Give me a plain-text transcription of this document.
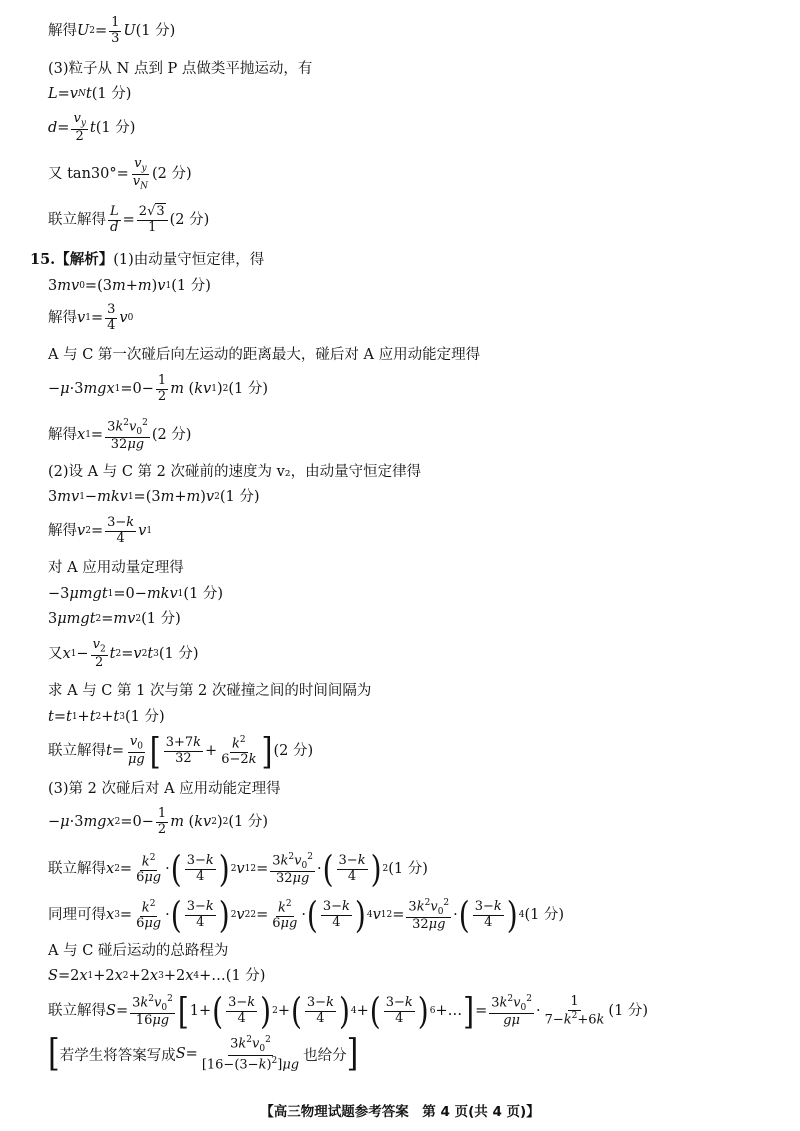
解得 U $2 = \frac{1}{3}$ U (1 分)
(3)粒子从 N 点到 P 点做类平抛运动，有
L = v N t (1 分)
$d = \frac{v_y}{2}$ t (1 分)
又 $\tan 30^\circ= \frac{v_y}{v_N} (2$ 分)
联立解得 $\frac{L}{d} = \frac{2√3}{1} (2$ 分)
15.【解析】 (1)由动量守恒定律，得
3 mv 0 =(3 m + m ) v 1 (1 分)
解得 v $1 = \frac{3}{4}$ v 0
A 与 C 第一次碰后向左运动的距离最大，碰后对 A 应用动能定理得
− μ ·3 mgx $1 =0- \frac{1}{2}$ m ( kv 1 ) 2 (1 分)
解得 x $1 = \frac{3k^2v_0^2}{32\mu g} (2$ 分)
(2)设 A 与 C 第 2 次碰前的速度为 v₂，由动量守恒定律得
3 mv 1 − mkv 1 =(3 m + m ) v 2 (1 分)
解得 v $2 = \frac{3-k}{4}$ v 1
对 A 应用动量定理得
−3 μmgt 1 =0− mkv 1 (1 分)
3 μmgt 2 = mv 2 (1 分)
又 x $1 - \frac{v_2}{2}$ t 2 = v 2 t 3 (1 分)
求 A 与 C 第 1 次与第 2 次碰撞之间的时间间隔为
t = t 1 + t 2 + t 3 (1 分)
联立解得 $t = \frac{v_0}{\mu g}$ [ $\frac{3+7k}{32} + \frac{k^2}{6-2k}$ ] (2 分)
(3)第 2 次碰后对 A 应用动能定理得
− μ ·3 mgx $2 =0- \frac{1}{2}$ m ( kv 2 ) 2 (1 分)
联立解得 x $2 = \frac{k^2}{6\mu g}$ · ( $\frac{3-k}{4}$ ) 2 v 1 $2 = \frac{3k^2v_0^2}{32\mu g}$ · ( $\frac{3-k}{4}$ ) 2 (1 分)
同理可得 x $3 = \frac{k^2}{6\mu g}$ · ( $\frac{3-k}{4}$ ) 2 v 2 $2 = \frac{k^2}{6\mu g}$ · ( $\frac{3-k}{4}$ ) 4 v 1 $2 = \frac{3k^2v_0^2}{32\mu g}$ · ( $\frac{3-k}{4}$ ) 4 (1 分)
A 与 C 碰后运动的总路程为
S =2 x 1 +2 x 2 +2 x 3 +2 x 4 +… (1 分)
联立解得 $S = \frac{3k^2v_0^2}{16\mu g}$ [ 1+ ( $\frac{3-k}{4}$ ) 2 + ( $\frac{3-k}{4}$ ) 4 + ( $\frac{3-k}{4}$ ) 6 +… ] = $\frac{3k^2v_0^2}{g\mu} \cdot \frac{1}{7-k^2+6k} (1$ 分)
[ 若学生将答案写成 $S = \frac{3k^2v_0^2}{[16-(3-k)^2]\mu g}$ 也给分 ]
【高三物理试题参考答案　第 4 页(共 4 页)】
